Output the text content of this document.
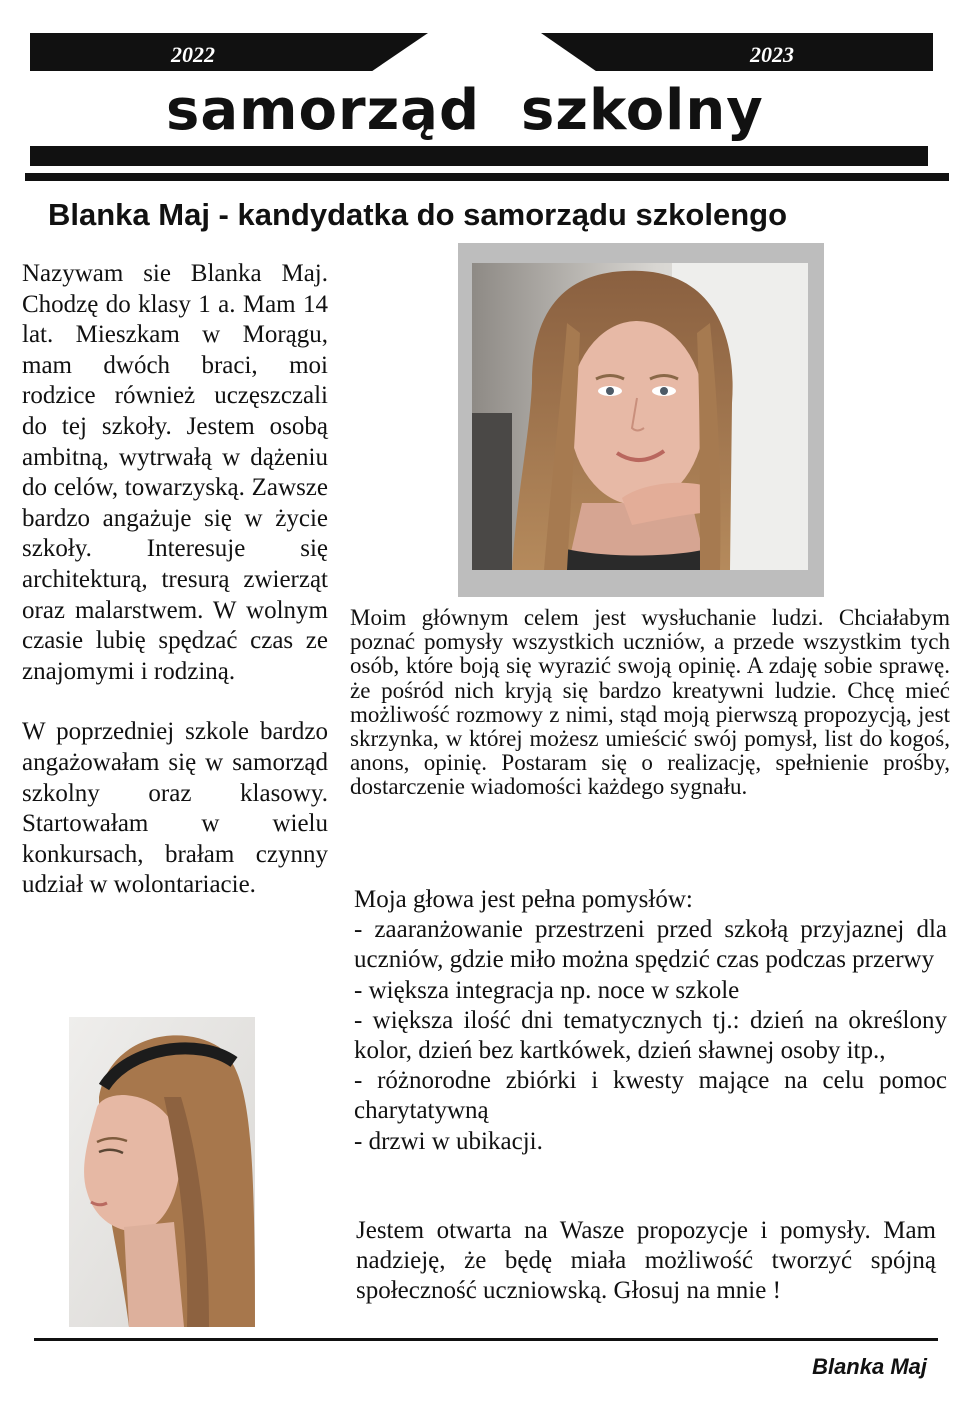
2022	2023
samorząd  szkolny
Blanka Maj - kandydatka do samorządu szkolengo

Nazywam sie Blanka Maj. Chodzę do klasy 1 a. Mam 14 lat. Mieszkam w Morągu, mam dwóch braci, moi rodzice również uczęszczali do tej szkoły. Jestem osobą ambitną, wytrwałą w dążeniu do celów, towarzyską. Zawsze bardzo angażuje się w życie szkoły. Interesuje się architekturą, tresurą zwierząt oraz malarstwem. W wolnym czasie lubię spędzać czas ze znajomymi i rodziną.

W poprzedniej szkole bardzo angażowałam się w samorząd szkolny oraz klasowy. Startowałam w wielu konkursach, brałam czynny udział w wolontariacie.

Moim głównym celem jest wysłuchanie ludzi. Chciałabym poznać pomysły wszystkich uczniów, a przede wszystkim tych osób, które boją się wyrazić swoją opinię. A zdaję sobie sprawę. że pośród nich kryją się bardzo kreatywni ludzie. Chcę mieć możliwość rozmowy z nimi, stąd moją pierwszą propozycją, jest skrzynka, w której możesz umieścić swój pomysł, list do kogoś, anons, opinię. Postaram się o realizację, spełnienie prośby, dostarczenie wiadomości każdego sygnału.
Moja głowa jest pełna pomysłów:
- zaaranżowanie przestrzeni przed szkołą przyjaznej dla uczniów, gdzie miło można spędzić czas podczas przerwy
- większa integracja np. noce w szkole
- większa ilość dni tematycznych tj.: dzień na określony kolor, dzień bez kartkówek, dzień sławnej osoby itp.,
- różnorodne zbiórki i kwesty mające na celu pomoc charytatywną
- drzwi w ubikacji.
Jestem otwarta na Wasze propozycje i pomysły. Mam nadzieję, że będę miała możliwość tworzyć spójną społeczność uczniowską. Głosuj na mnie !
Blanka Maj
